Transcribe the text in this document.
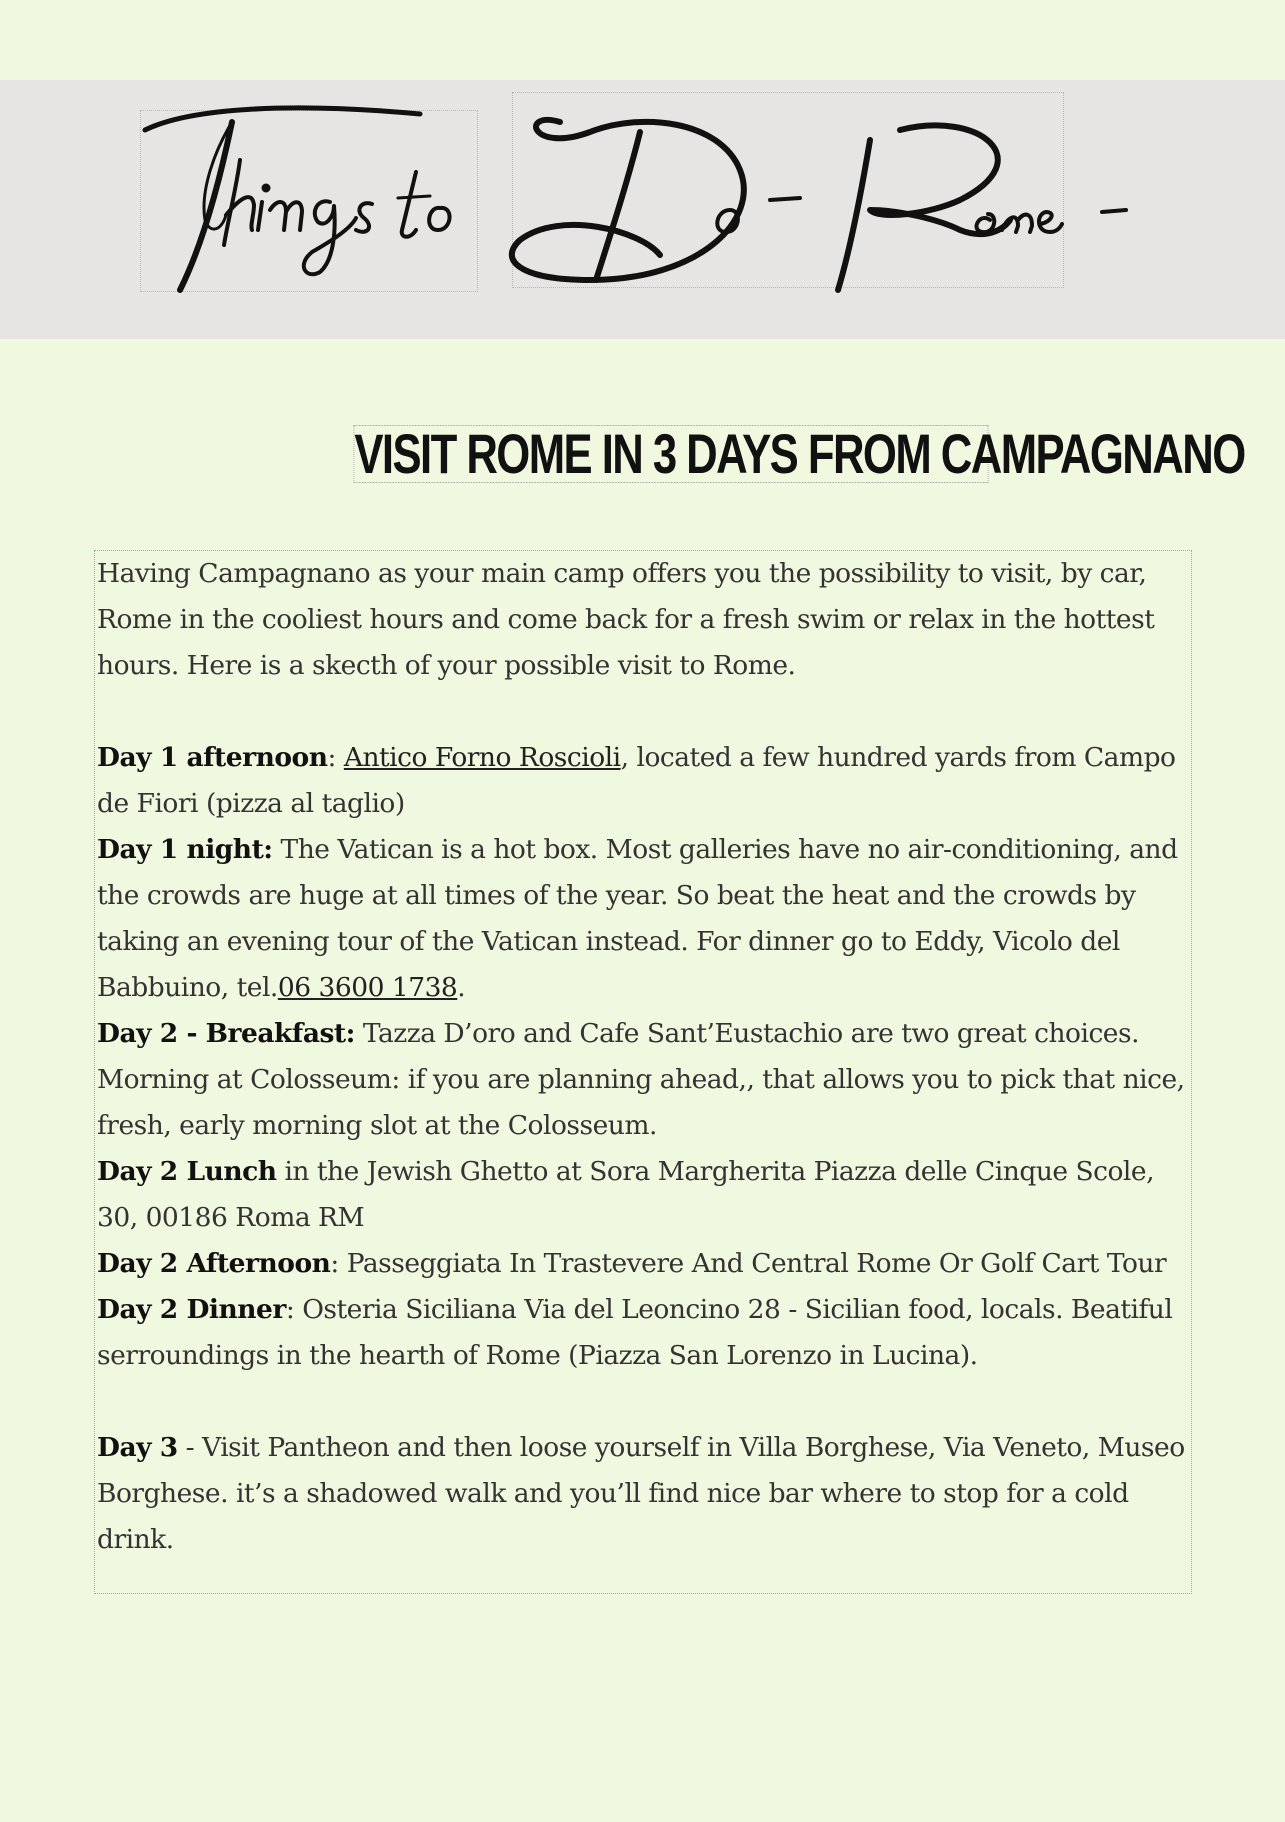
VISIT ROME IN 3 DAYS FROM CAMPAGNANO

Having Campagnano as your main camp offers you the possibility to visit, by car, Rome in the cooliest hours and come back for a fresh swim or relax in the hottest hours. Here is a skecth of your possible visit to Rome.

Day 1 afternoon: Antico Forno Roscioli, located a few hundred yards from Campo de Fiori (pizza al taglio)

Day 1 night: The Vatican is a hot box. Most galleries have no air-conditioning, and the crowds are huge at all times of the year. So beat the heat and the crowds by taking an evening tour of the Vatican instead. For dinner go to Eddy, Vicolo del Babbuino, tel.06 3600 1738.

Day 2 - Breakfast: Tazza D’oro and Cafe Sant’Eustachio are two great choices. Morning at Colosseum: if you are planning ahead,, that allows you to pick that nice, fresh, early morning slot at the Colosseum.

Day 2 Lunch in the Jewish Ghetto at Sora Margherita Piazza delle Cinque Scole, 30, 00186 Roma RM

Day 2 Afternoon: Passeggiata In Trastevere And Central Rome Or Golf Cart Tour

Day 2 Dinner: Osteria Siciliana Via del Leoncino 28 - Sicilian food, locals. Beatiful serroundings in the hearth of Rome (Piazza San Lorenzo in Lucina).

Day 3 - Visit Pantheon and then loose yourself in Villa Borghese, Via Veneto, Museo Borghese. it’s a shadowed walk and you’ll find nice bar where to stop for a cold drink.
